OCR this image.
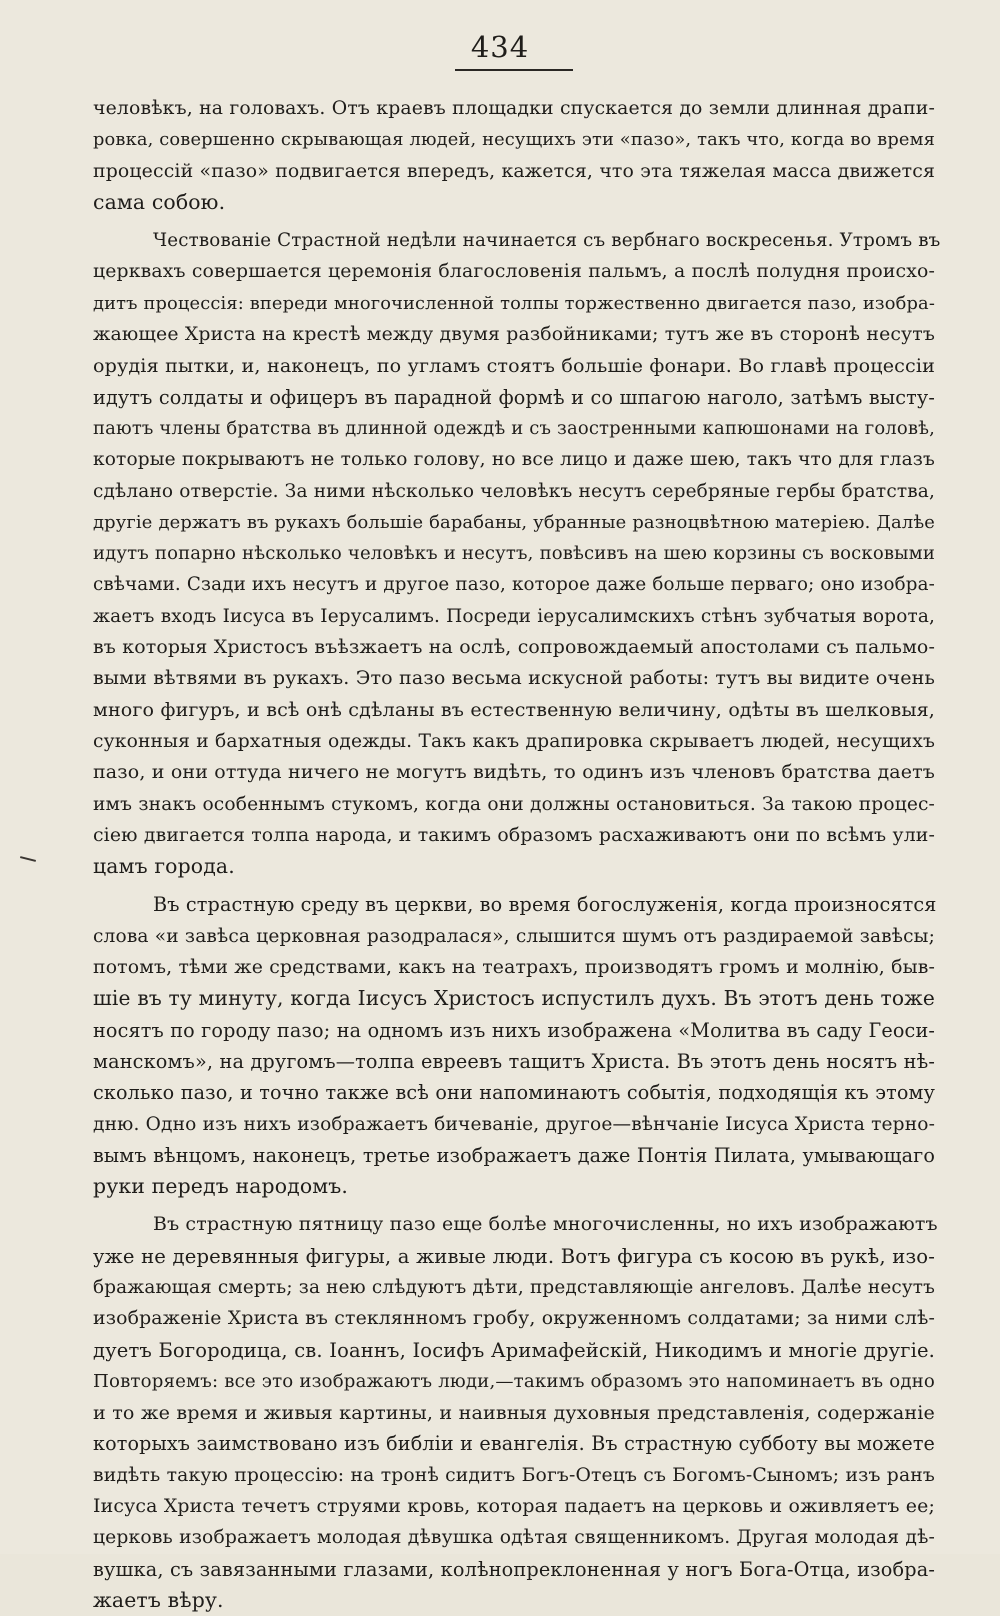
434
человѣкъ, на головахъ. Отъ краевъ площадки спускается до земли длинная драпи-
ровка, совершенно скрывающая людей, несущихъ эти «пазо», такъ что, когда во время
процессій «пазо» подвигается впередъ, кажется, что эта тяжелая масса движется
сама собою.
Чествованіе Страстной недѣли начинается съ вербнаго воскресенья. Утромъ въ
церквахъ совершается церемонія благословенія пальмъ, а послѣ полудня происхо-
дитъ процессія: впереди многочисленной толпы торжественно двигается пазо, изобра-
жающее Христа на крестѣ между двумя разбойниками; тутъ же въ сторонѣ несутъ
орудія пытки, и, наконецъ, по угламъ стоятъ большіе фонари. Во главѣ процессіи
идутъ солдаты и офицеръ въ парадной формѣ и со шпагою наголо, затѣмъ высту-
паютъ члены братства въ длинной одеждѣ и съ заостренными капюшонами на головѣ,
которые покрываютъ не только голову, но все лицо и даже шею, такъ что для глазъ
сдѣлано отверстіе. За ними нѣсколько человѣкъ несутъ серебряные гербы братства,
другіе держатъ въ рукахъ большіе барабаны, убранные разноцвѣтною матеріею. Далѣе
идутъ попарно нѣсколько человѣкъ и несутъ, повѣсивъ на шею корзины съ восковыми
свѣчами. Сзади ихъ несутъ и другое пазо, которое даже больше перваго; оно изобра-
жаетъ входъ Іисуса въ Іерусалимъ. Посреди іерусалимскихъ стѣнъ зубчатыя ворота,
въ которыя Христосъ въѣзжаетъ на ослѣ, сопровождаемый апостолами съ пальмо-
выми вѣтвями въ рукахъ. Это пазо весьма искусной работы: тутъ вы видите очень
много фигуръ, и всѣ онѣ сдѣланы въ естественную величину, одѣты въ шелковыя,
суконныя и бархатныя одежды. Такъ какъ драпировка скрываетъ людей, несущихъ
пазо, и они оттуда ничего не могутъ видѣть, то одинъ изъ членовъ братства даетъ
имъ знакъ особеннымъ стукомъ, когда они должны остановиться. За такою процес-
сіею двигается толпа народа, и такимъ образомъ расхаживаютъ они по всѣмъ ули-
цамъ города.
Въ страстную среду въ церкви, во время богослуженія, когда произносятся
слова «и завѣса церковная разодралася», слышится шумъ отъ раздираемой завѣсы;
потомъ, тѣми же средствами, какъ на театрахъ, производятъ громъ и молнію, быв-
шіе въ ту минуту, когда Іисусъ Христосъ испустилъ духъ. Въ этотъ день тоже
носятъ по городу пазо; на одномъ изъ нихъ изображена «Молитва въ саду Геоси-
манскомъ», на другомъ—толпа евреевъ тащитъ Христа. Въ этотъ день носятъ нѣ-
сколько пазо, и точно также всѣ они напоминаютъ событія, подходящія къ этому
дню. Одно изъ нихъ изображаетъ бичеваніе, другое—вѣнчаніе Іисуса Христа терно-
вымъ вѣнцомъ, наконецъ, третье изображаетъ даже Понтія Пилата, умывающаго
руки передъ народомъ.
Въ страстную пятницу пазо еще болѣе многочисленны, но ихъ изображаютъ
уже не деревянныя фигуры, а живые люди. Вотъ фигура съ косою въ рукѣ, изо-
бражающая смерть; за нею слѣдуютъ дѣти, представляющіе ангеловъ. Далѣе несутъ
изображеніе Христа въ стеклянномъ гробу, окруженномъ солдатами; за ними слѣ-
дуетъ Богородица, св. Іоаннъ, Іосифъ Аримафейскій, Никодимъ и многіе другіе.
Повторяемъ: все это изображаютъ люди,—такимъ образомъ это напоминаетъ въ одно
и то же время и живыя картины, и наивныя духовныя представленія, содержаніе
которыхъ заимствовано изъ библіи и евангелія. Въ страстную субботу вы можете
видѣть такую процессію: на тронѣ сидитъ Богъ-Отецъ съ Богомъ-Сыномъ; изъ ранъ
Іисуса Христа течетъ струями кровь, которая падаетъ на церковь и оживляетъ ее;
церковь изображаетъ молодая дѣвушка одѣтая священникомъ. Другая молодая дѣ-
вушка, съ завязанными глазами, колѣнопреклоненная у ногъ Бога-Отца, изобра-
жаетъ вѣру.
